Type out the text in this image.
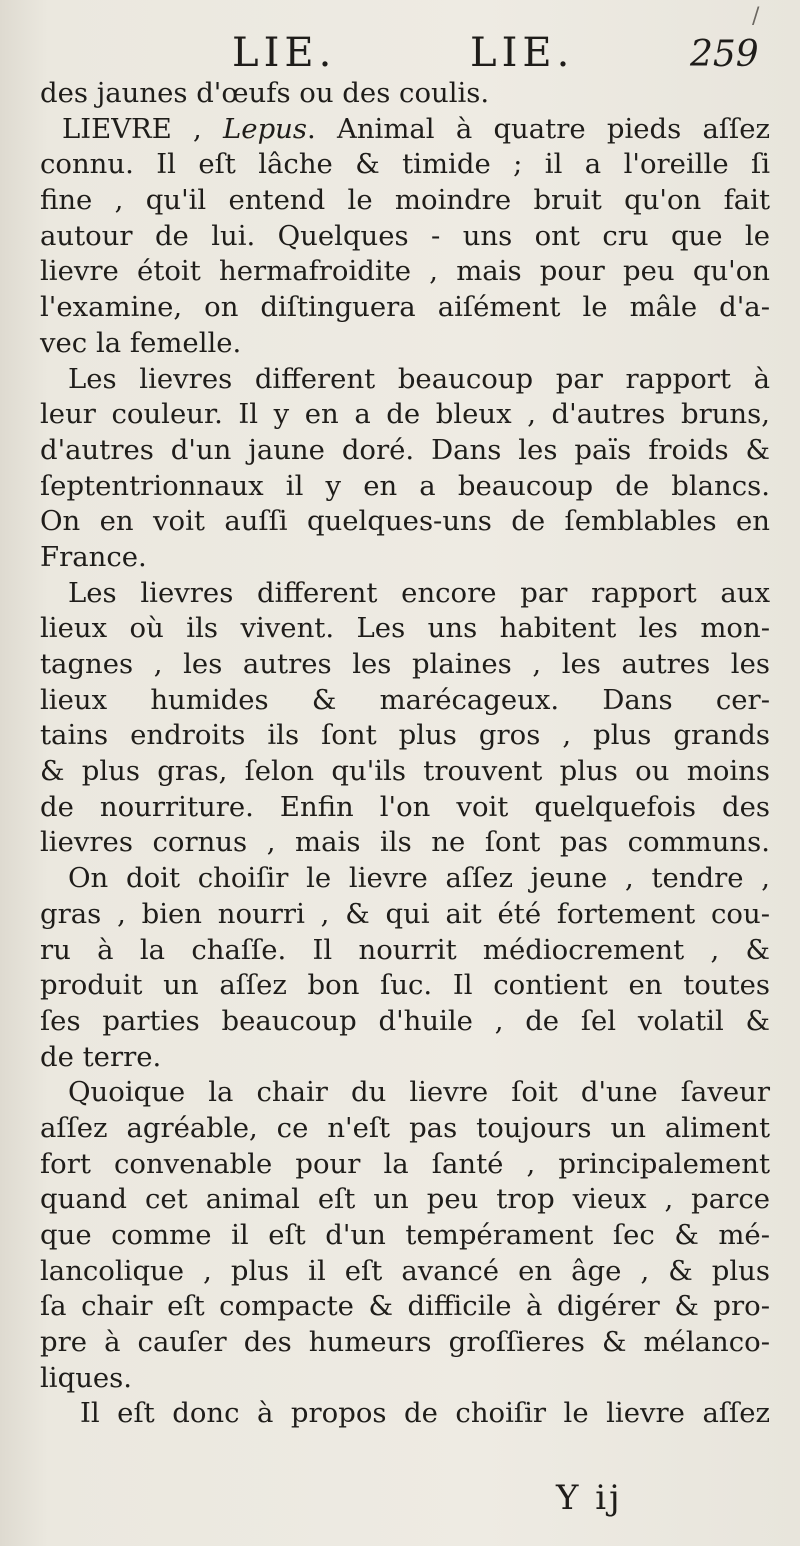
/
LIE.	LIE.	259
des jaunes d'œufs ou des coulis.
LIEVRE , Lepus. Animal à quatre pieds aſſez
connu. Il eſt lâche & timide ; il a l'oreille ſi
fine , qu'il entend le moindre bruit qu'on fait
autour de lui. Quelques - uns ont cru que le
lievre étoit hermafroidite , mais pour peu qu'on
l'examine, on diſtinguera aiſément le mâle d'a-
vec la femelle.
Les lievres different beaucoup par rapport à
leur couleur. Il y en a de bleux , d'autres bruns,
d'autres d'un jaune doré. Dans les païs froids &
ſeptentrionnaux il y en a beaucoup de blancs.
On en voit auſſi quelques-uns de ſemblables en
France.
Les lievres different encore par rapport aux
lieux où ils vivent. Les uns habitent les mon-
tagnes , les autres les plaines , les autres les
lieux humides & marécageux. Dans cer-
tains endroits ils ſont plus gros , plus grands
& plus gras, ſelon qu'ils trouvent plus ou moins
de nourriture. Enfin l'on voit quelquefois des
lievres cornus , mais ils ne ſont pas communs.
On doit choiſir le lievre aſſez jeune , tendre ,
gras , bien nourri , & qui ait été fortement cou-
ru à la chaſſe. Il nourrit médiocrement , &
produit un aſſez bon ſuc. Il contient en toutes
ſes parties beaucoup d'huile , de ſel volatil &
de terre.
Quoique la chair du lievre ſoit d'une ſaveur
aſſez agréable, ce n'eſt pas toujours un aliment
fort convenable pour la ſanté , principalement
quand cet animal eſt un peu trop vieux , parce
que comme il eſt d'un tempérament ſec & mé-
lancolique , plus il eſt avancé en âge , & plus
ſa chair eſt compacte & difficile à digérer & pro-
pre à cauſer des humeurs groſſieres & mélanco-
liques.
Il eſt donc à propos de choiſir le lievre aſſez
Y ij
